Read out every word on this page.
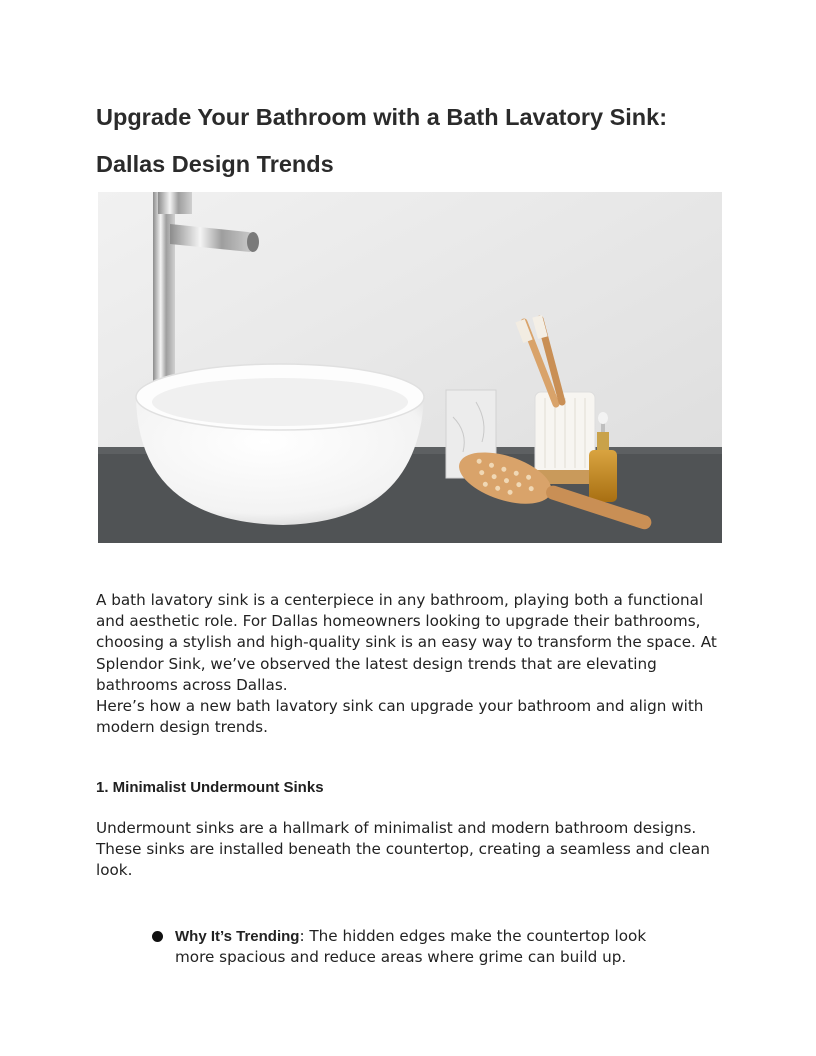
Upgrade Your Bathroom with a Bath Lavatory Sink: Dallas Design Trends

A bath lavatory sink is a centerpiece in any bathroom, playing both a functional and aesthetic role. For Dallas homeowners looking to upgrade their bathrooms, choosing a stylish and high-quality sink is an easy way to transform the space. At Splendor Sink, we’ve observed the latest design trends that are elevating bathrooms across Dallas.
Here’s how a new bath lavatory sink can upgrade your bathroom and align with modern design trends.

1. Minimalist Undermount Sinks

Undermount sinks are a hallmark of minimalist and modern bathroom designs. These sinks are installed beneath the countertop, creating a seamless and clean look.

Why It’s Trending: The hidden edges make the countertop look more spacious and reduce areas where grime can build up.
